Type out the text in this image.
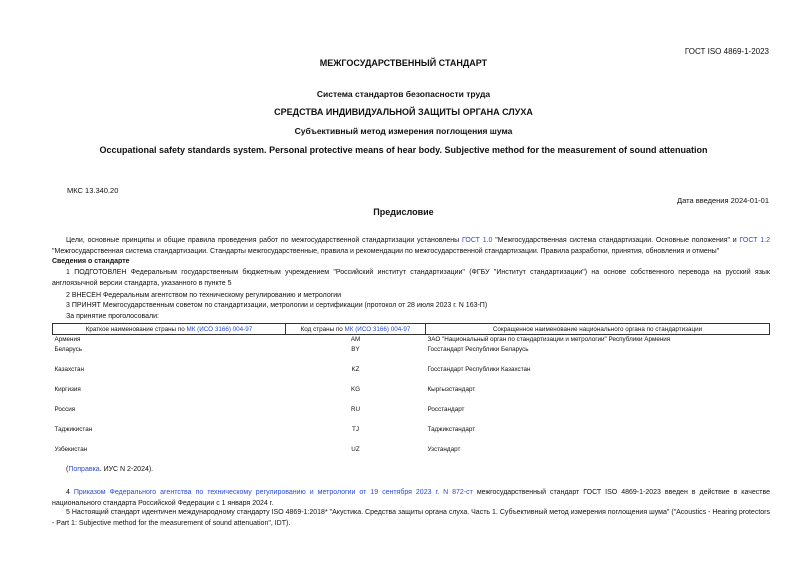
ГОСТ ISO 4869-1-2023
МЕЖГОСУДАРСТВЕННЫЙ СТАНДАРТ
Система стандартов безопасности труда
СРЕДСТВА ИНДИВИДУАЛЬНОЙ ЗАЩИТЫ ОРГАНА СЛУХА
Субъективный метод измерения поглощения шума
Occupational safety standards system. Personal protective means of hear body. Subjective method for the measurement of sound attenuation
МКС 13.340.20
Дата введения 2024-01-01
Предисловие
Цели, основные принципы и общие правила проведения работ по межгосударственной стандартизации установлены ГОСТ 1.0 "Межгосударственная система стандартизации. Основные положения" и ГОСТ 1.2 "Межгосударственная система стандартизации. Стандарты межгосударственные, правила и рекомендации по межгосударственной стандартизации. Правила разработки, принятия, обновления и отмены"
Сведения о стандарте
1 ПОДГОТОВЛЕН Федеральным государственным бюджетным учреждением "Российский институт стандартизации" (ФГБУ "Институт стандартизации") на основе собственного перевода на русский язык англоязычной версии стандарта, указанного в пункте 5
2 ВНЕСЕН Федеральным агентством по техническому регулированию и метрологии
3 ПРИНЯТ Межгосударственным советом по стандартизации, метрологии и сертификации (протокол от 28 июля 2023 г. N 163-П)
За принятие проголосовали:
Краткое наименование страны по МК (ИСО 3166) 004-97	Код страны по МК (ИСО 3166) 004-97	Сокращенное наименование национального органа по стандартизации
Армения	AM	ЗАО "Национальный орган по стандартизации и метрологии" Республики Армения
Беларусь	BY	Госстандарт Республики Беларусь
Казахстан	KZ	Госстандарт Республики Казахстан
Киргизия	KG	Кыргызстандарт
Россия	RU	Росстандарт
Таджикистан	TJ	Таджикстандарт
Узбекистан	UZ	Узстандарт
(Поправка. ИУС N 2-2024).
4 Приказом Федерального агентства по техническому регулированию и метрологии от 19 сентября 2023 г. N 872-ст межгосударственный стандарт ГОСТ ISO 4869-1-2023 введен в действие в качестве национального стандарта Российской Федерации с 1 января 2024 г.
5 Настоящий стандарт идентичен международному стандарту ISO 4869-1:2018* "Акустика. Средства защиты органа слуха. Часть 1. Субъективный метод измерения поглощения шума" ("Acoustics - Hearing protectors - Part 1: Subjective method for the measurement of sound attenuation", IDT).
